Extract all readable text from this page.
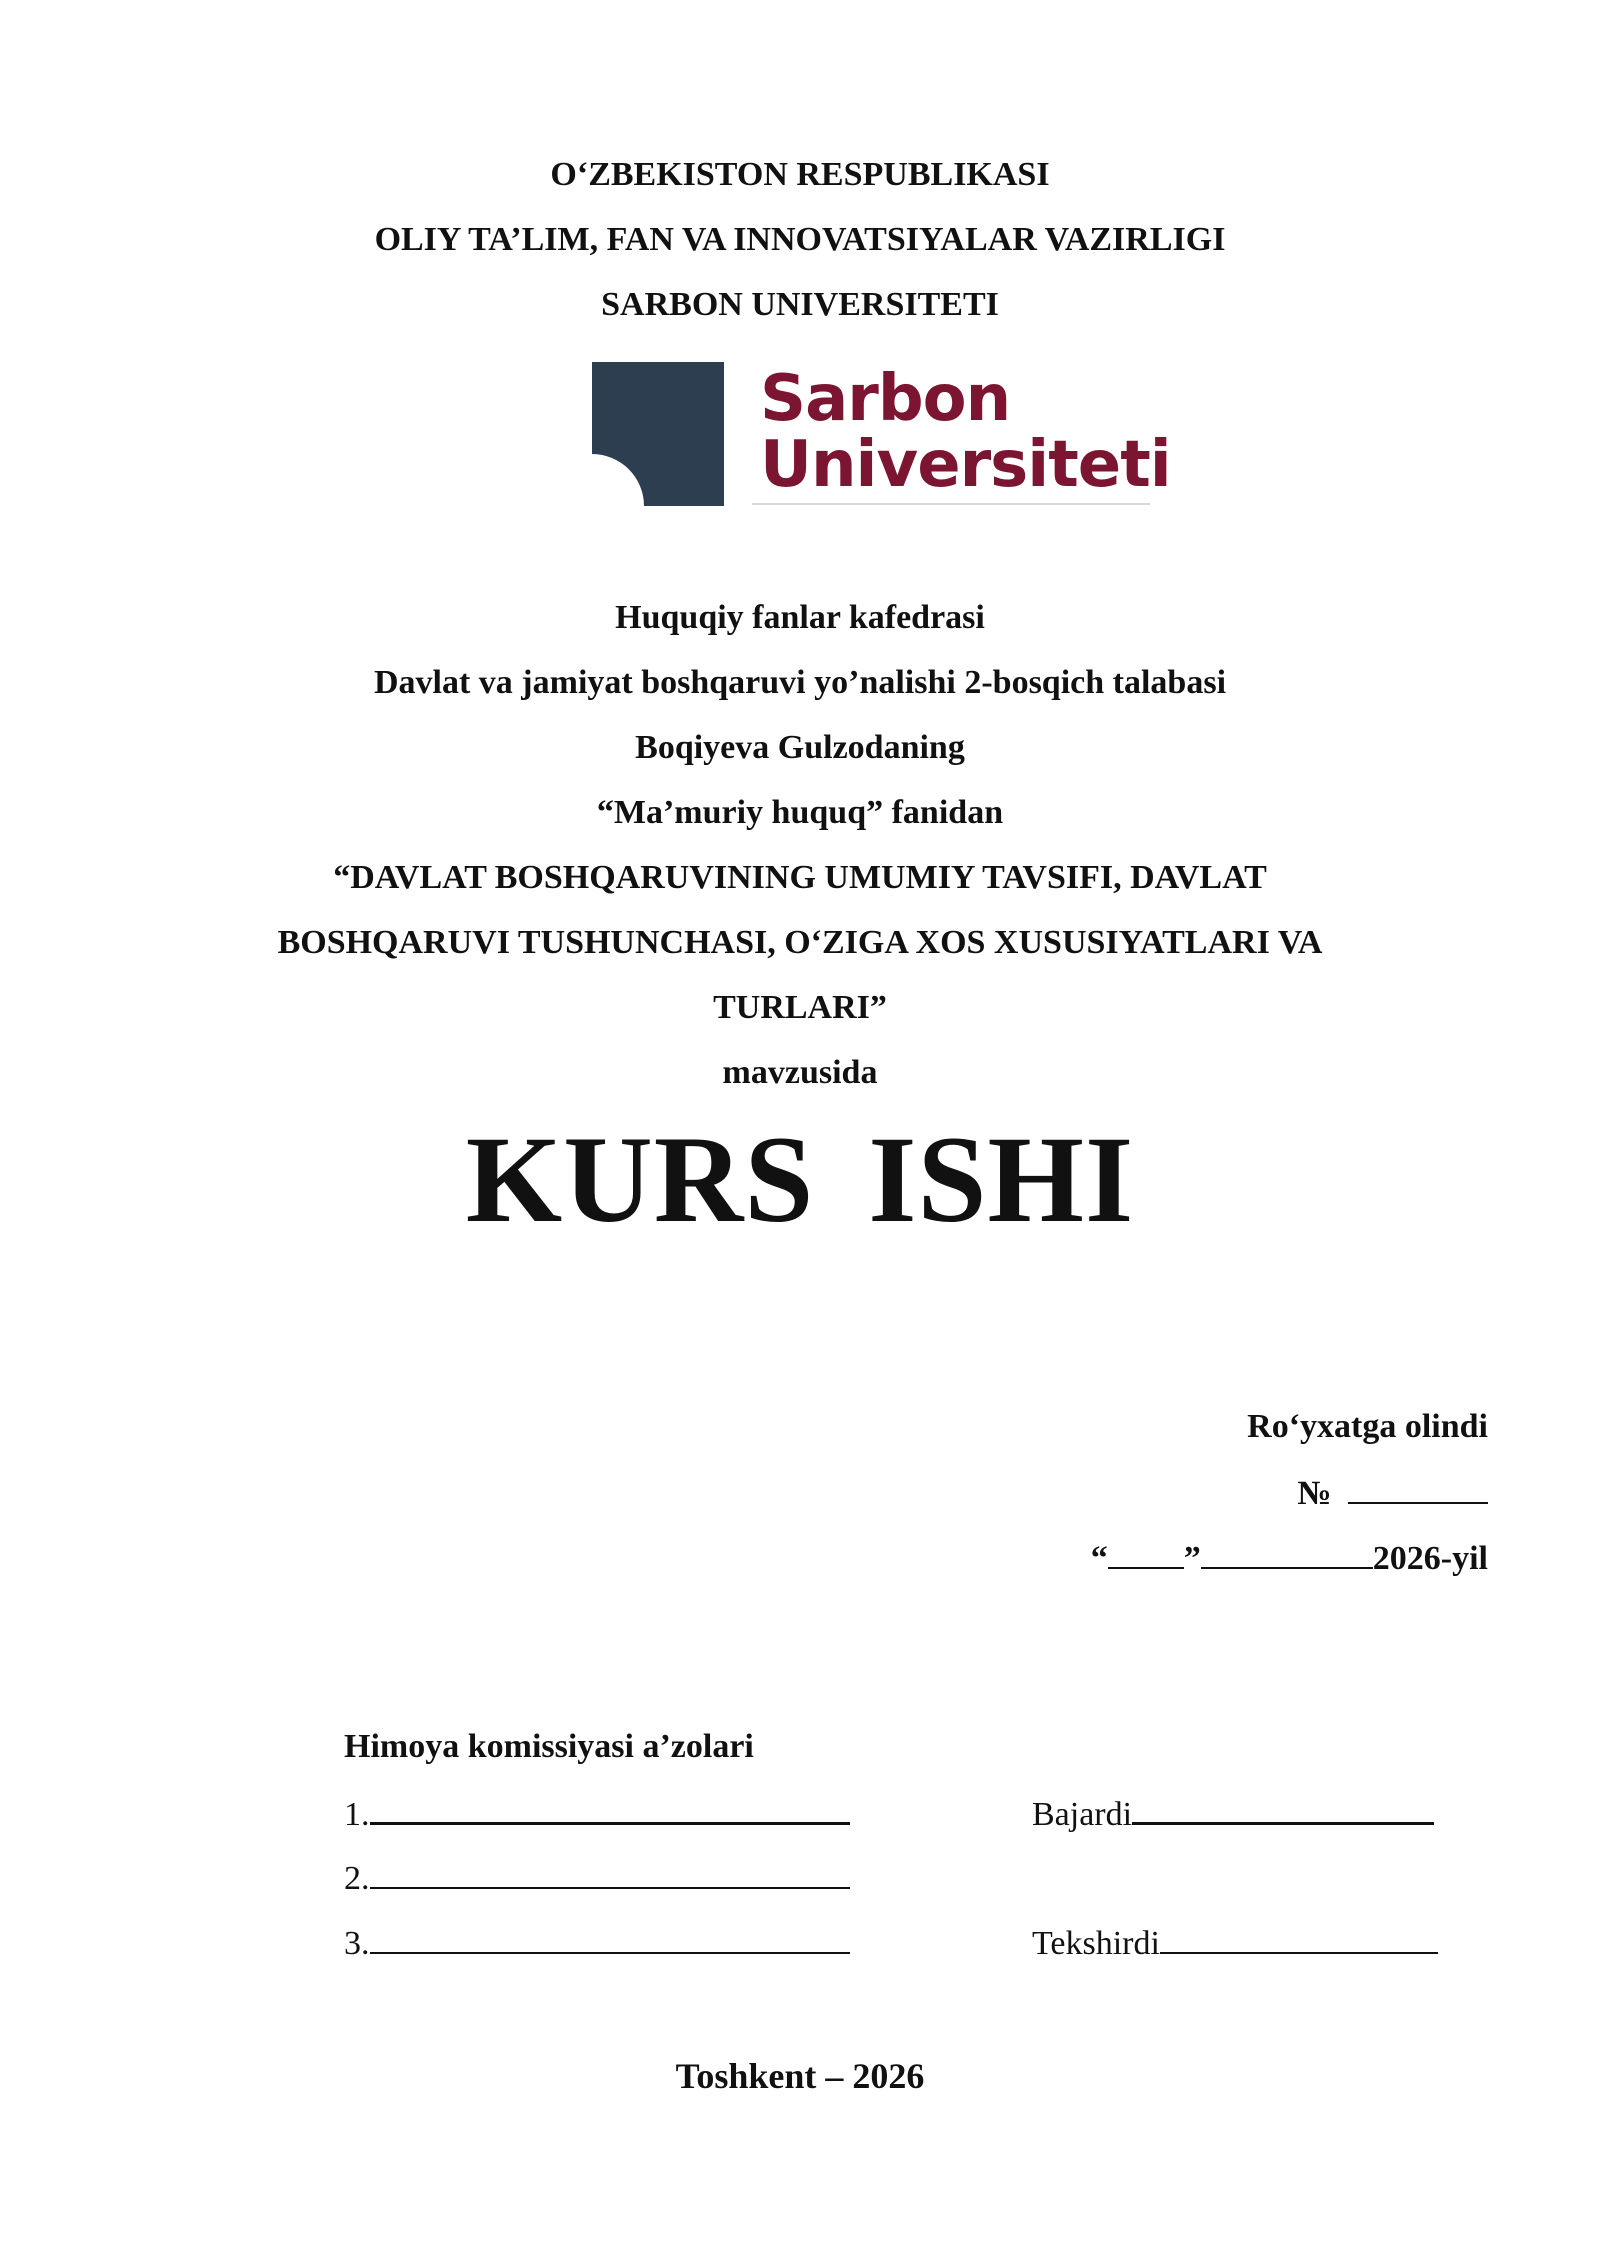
O‘ZBEKISTON RESPUBLIKASI
OLIY TA’LIM, FAN VA INNOVATSIYALAR VAZIRLIGI
SARBON UNIVERSITETI
Sarbon
Universiteti
Huquqiy fanlar kafedrasi
Davlat va jamiyat boshqaruvi yo’nalishi 2-bosqich talabasi
Boqiyeva Gulzodaning
“Ma’muriy huquq” fanidan
“DAVLAT BOSHQARUVINING UMUMIY TAVSIFI, DAVLAT
BOSHQARUVI TUSHUNCHASI, O‘ZIGA XOS XUSUSIYATLARI VA
TURLARI”
mavzusida
KURS ISHI
Ro‘yxatga olindi
№
“ ”	2026-yil
Himoya komissiyasi a’zolari
1.
2.
3.
Bajardi
Tekshirdi
Toshkent – 2026
